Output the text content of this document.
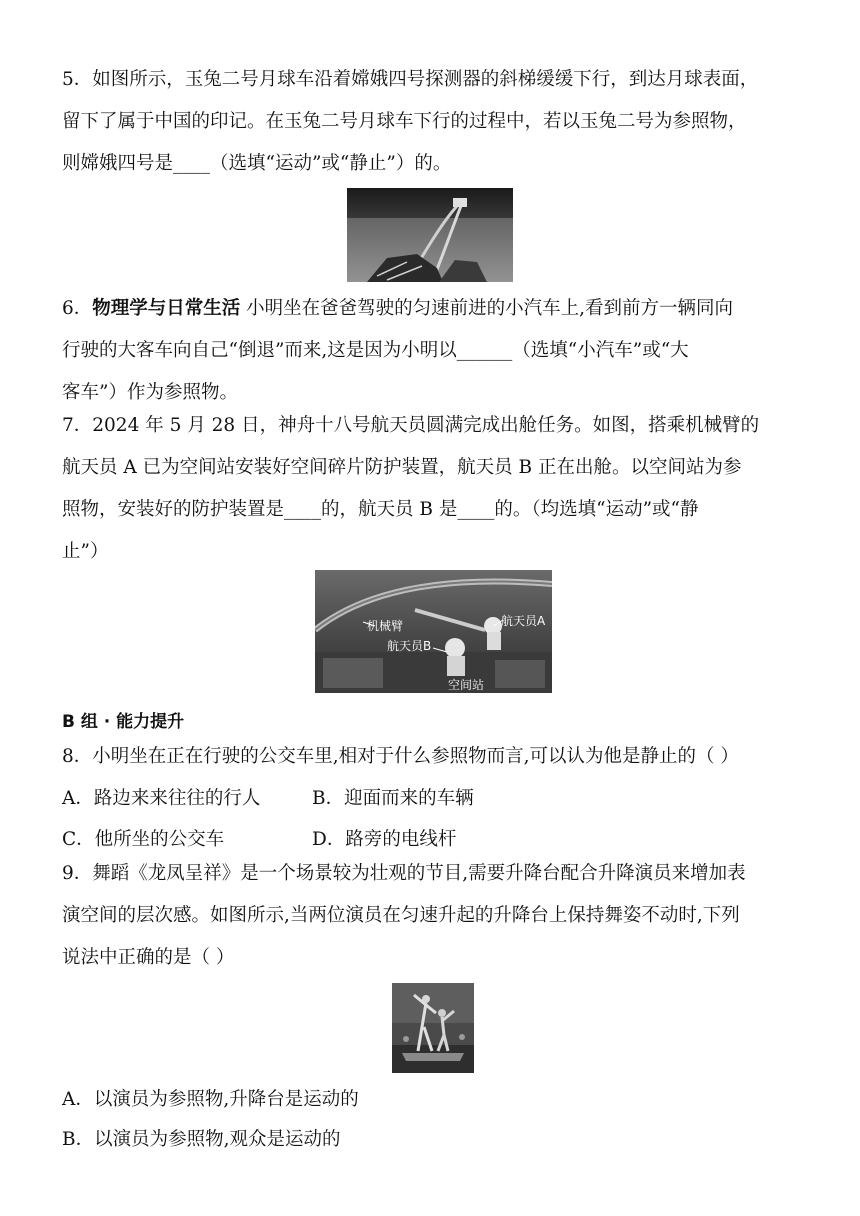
5．如图所示，玉兔二号月球车沿着嫦娥四号探测器的斜梯缓缓下行，到达月球表面，
留下了属于中国的印记。在玉兔二号月球车下行的过程中，若以玉兔二号为参照物，
则嫦娥四号是____（选填“运动”或“静止”）的。
6．物理学与日常生活 小明坐在爸爸驾驶的匀速前进的小汽车上,看到前方一辆同向
行驶的大客车向自己“倒退”而来,这是因为小明以______（选填“小汽车”或“大
客车”）作为参照物。
7．2024 年 5 月 28 日，神舟十八号航天员圆满完成出舱任务。如图，搭乘机械臂的
航天员 A 已为空间站安装好空间碎片防护装置，航天员 B 正在出舱。以空间站为参
照物，安装好的防护装置是____的，航天员 B 是____的。（均选填“运动”或“静
止”）
机械臂	航天员A
航天员B
空间站
B 组 · 能力提升
8．小明坐在正在行驶的公交车里,相对于什么参照物而言,可以认为他是静止的（ ）
A．路边来来往往的行人	B．迎面而来的车辆
C．他所坐的公交车	D．路旁的电线杆
9．舞蹈《龙凤呈祥》是一个场景较为壮观的节目,需要升降台配合升降演员来增加表
演空间的层次感。如图所示,当两位演员在匀速升起的升降台上保持舞姿不动时,下列
说法中正确的是（ ）
A．以演员为参照物,升降台是运动的
B．以演员为参照物,观众是运动的
